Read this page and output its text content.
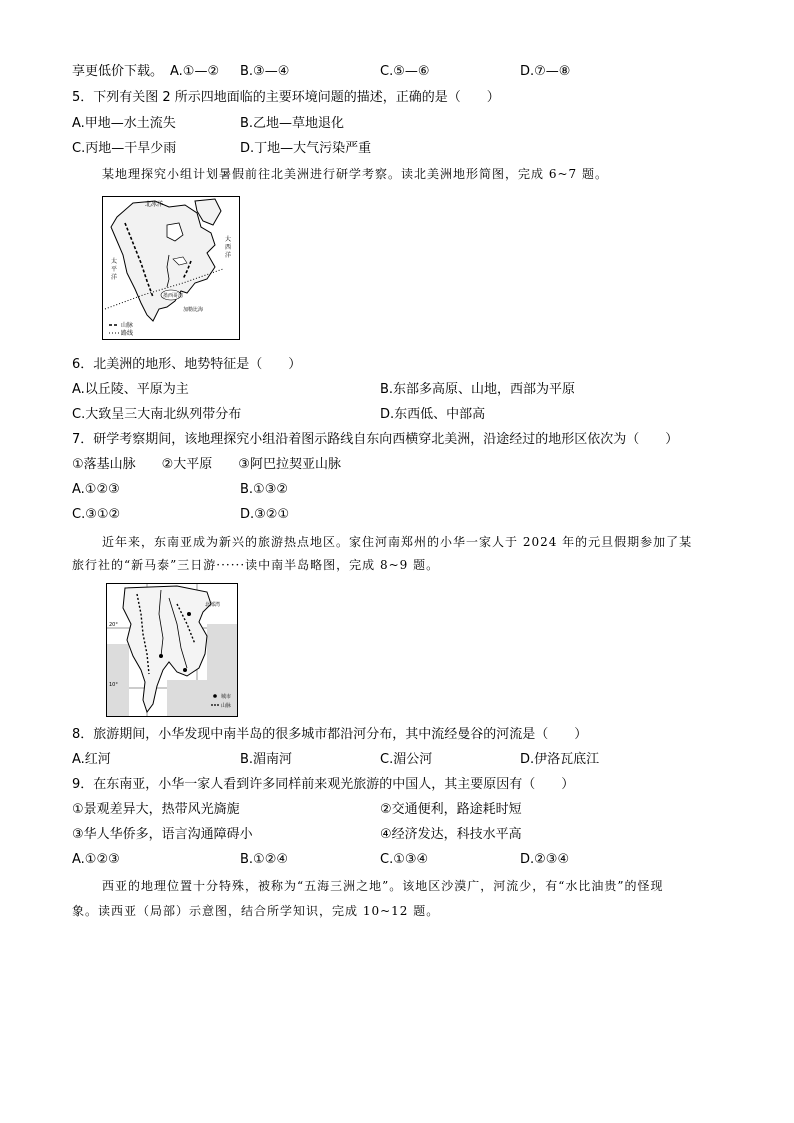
享更低价下载。 A.①—② B.③—④	C.⑤—⑥	D.⑦—⑧
5．下列有关图 2 所示四地面临的主要环境问题的描述，正确的是（　　）
A.甲地—水土流失	B.乙地—草地退化
C.丙地—干旱少雨	D.丁地—大气污染严重
某地理探究小组计划暑假前往北美洲进行研学考察。读北美洲地形简图，完成 6~7 题。
北冰洋
大
西
洋
太
平
洋
墨西哥湾
加勒比海
山脉
路线
6．北美洲的地形、地势特征是（　　）
A.以丘陵、平原为主	B.东部多高原、山地，西部为平原
C.大致呈三大南北纵列带分布	D.东西低、中部高
7．研学考察期间，该地理探究小组沿着图示路线自东向西横穿北美洲，沿途经过的地形区依次为（　　）
①落基山脉　　②大平原　　③阿巴拉契亚山脉
A.①②③	B.①③②
C.③①②	D.③②①
近年来，东南亚成为新兴的旅游热点地区。家住河南郑州的小华一家人于 2024 年的元旦假期参加了某
旅行社的“新马泰”三日游······读中南半岛略图，完成 8~9 题。
20°
10°
北部湾
城市
山脉
8．旅游期间，小华发现中南半岛的很多城市都沿河分布，其中流经曼谷的河流是（　　）
A.红河	B.湄南河	C.湄公河	D.伊洛瓦底江
9．在东南亚，小华一家人看到许多同样前来观光旅游的中国人，其主要原因有（　　）
①景观差异大，热带风光旖旎	②交通便利，路途耗时短
③华人华侨多，语言沟通障碍小	④经济发达，科技水平高
A.①②③	B.①②④	C.①③④	D.②③④
西亚的地理位置十分特殊，被称为“五海三洲之地”。该地区沙漠广，河流少，有“水比油贵”的怪现
象。读西亚（局部）示意图，结合所学知识，完成 10~12 题。
